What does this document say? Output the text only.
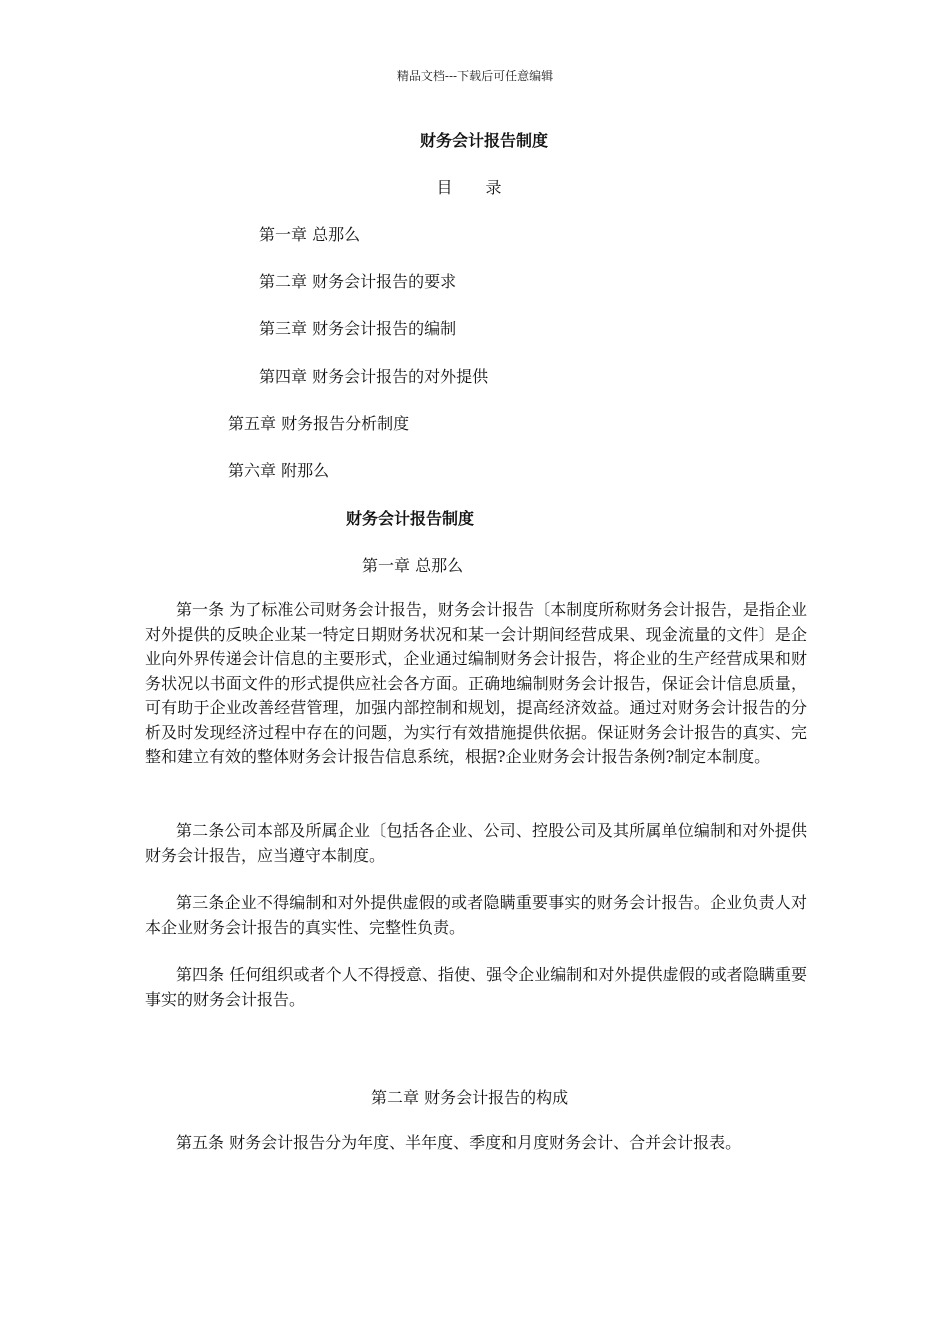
精品文档---下载后可任意编辑
财务会计报告制度
目 录
第一章 总那么
第二章 财务会计报告的要求
第三章 财务会计报告的编制
第四章 财务会计报告的对外提供
第五章 财务报告分析制度
第六章 附那么
财务会计报告制度
第一章 总那么
第一条 为了标准公司财务会计报告，财务会计报告〔本制度所称财务会计报告，是指企业对外提供的反映企业某一特定日期财务状况和某一会计期间经营成果、现金流量的文件〕是企业向外界传递会计信息的主要形式，企业通过编制财务会计报告，将企业的生产经营成果和财务状况以书面文件的形式提供应社会各方面。正确地编制财务会计报告，保证会计信息质量，可有助于企业改善经营管理，加强内部控制和规划，提高经济效益。通过对财务会计报告的分析及时发现经济过程中存在的问题，为实行有效措施提供依据。保证财务会计报告的真实、完整和建立有效的整体财务会计报告信息系统，根据?企业财务会计报告条例?制定本制度。
第二条公司本部及所属企业〔包括各企业、公司、控股公司及其所属单位编制和对外提供财务会计报告，应当遵守本制度。
第三条企业不得编制和对外提供虚假的或者隐瞒重要事实的财务会计报告。企业负责人对本企业财务会计报告的真实性、完整性负责。
第四条 任何组织或者个人不得授意、指使、强令企业编制和对外提供虚假的或者隐瞒重要事实的财务会计报告。
第二章 财务会计报告的构成
第五条 财务会计报告分为年度、半年度、季度和月度财务会计、合并会计报表。
